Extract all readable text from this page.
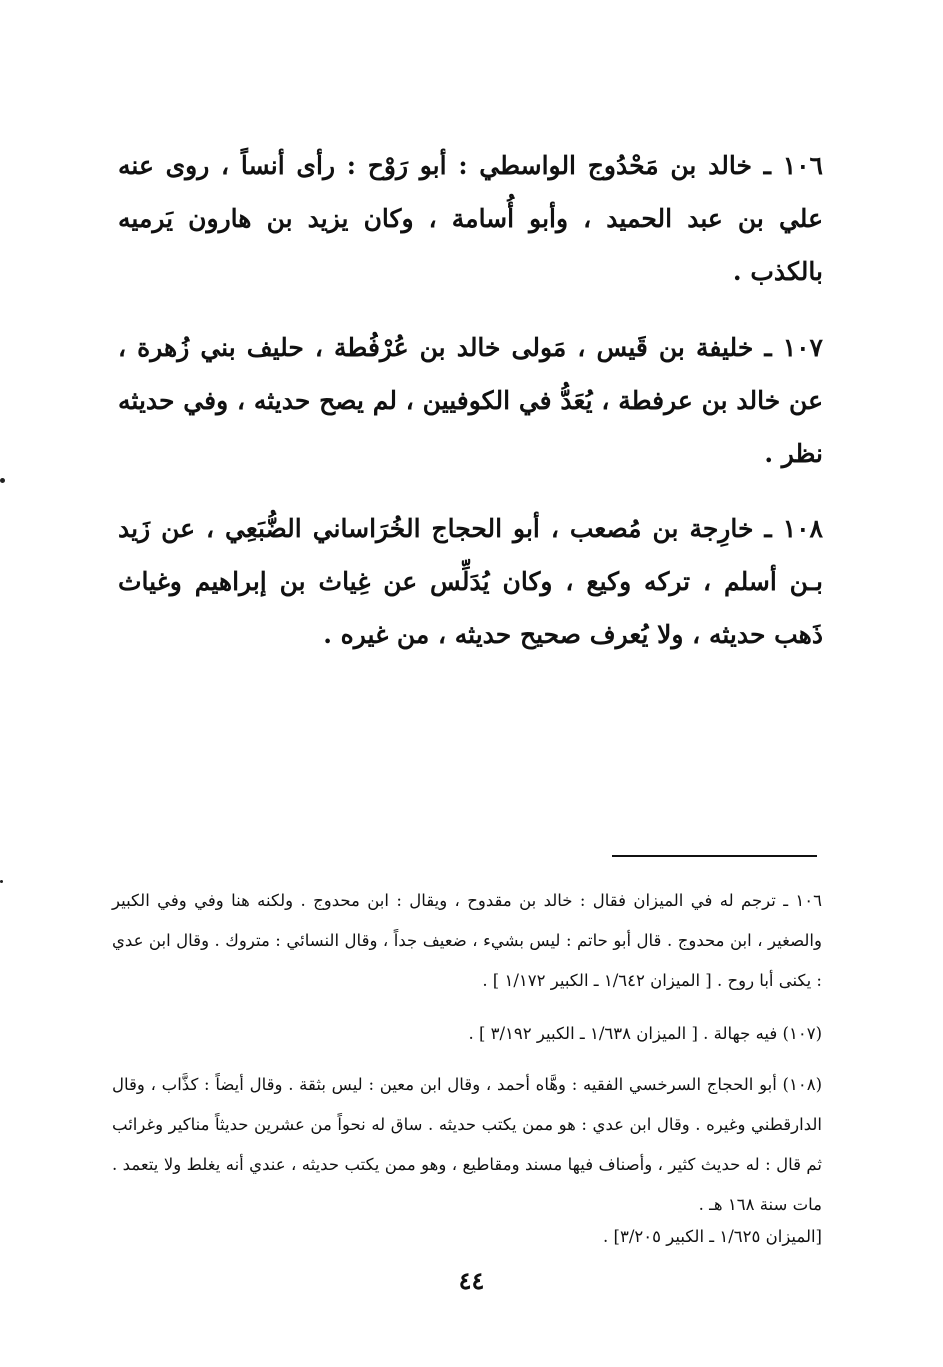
١٠٦ ـ خالد بن مَحْدُوج الواسطي : أبو رَوْح : رأى أنساً ، روى عنه علي بن عبد الحميد ، وأبو أُسامة ، وكان يزيد بن هارون يَرميه بالكذب .

١٠٧ ـ خليفة بن قَيس ، مَولى خالد بن عُرْفُطة ، حليف بني زُهرة ، عن خالد بن عرفطة ، يُعَدُّ في الكوفيين ، لم يصح حديثه ، وفي حديثه نظر .

١٠٨ ـ خارِجة بن مُصعب ، أبو الحجاج الخُرَاساني الضُّبَعِي ، عن زَيد بـن أسلم ، تركه وكيع ، وكان يُدَلِّس عن غِياث بن إبراهيم وغياث ذَهب حديثه ، ولا يُعرف صحيح حديثه ، من غيره .

١٠٦ ـ ترجم له في الميزان فقال : خالد بن مقدوح ، ويقال : ابن محدوج . ولكنه هنا وفي وفي الكبير والصغير ، ابن محدوج . قال أبو حاتم : ليس بشيء ، ضعيف جداً ، وقال النسائي : متروك . وقال ابن عدي : يكنى أبا روح . [ الميزان ١/٦٤٢ ـ الكبير ١/١٧٢ ] .

(١٠٧) فيه جهالة . [ الميزان ١/٦٣٨ ـ الكبير ٣/١٩٢ ] .

(١٠٨) أبو الحجاج السرخسي الفقيه : وهَّاه أحمد ، وقال ابن معين : ليس بثقة . وقال أيضاً : كذَّاب ، وقال الدارقطني وغيره . وقال ابن عدي : هو ممن يكتب حديثه . ساق له نحواً من عشرين حديثاً مناكير وغرائب ثم قال : له حديث كثير ، وأصناف فيها مسند ومقاطيع ، وهو ممن يكتب حديثه ، عندي أنه يغلط ولا يتعمد . مات سنة ١٦٨ هـ .

[الميزان ١/٦٢٥ ـ الكبير ٣/٢٠٥] .

٤٤
